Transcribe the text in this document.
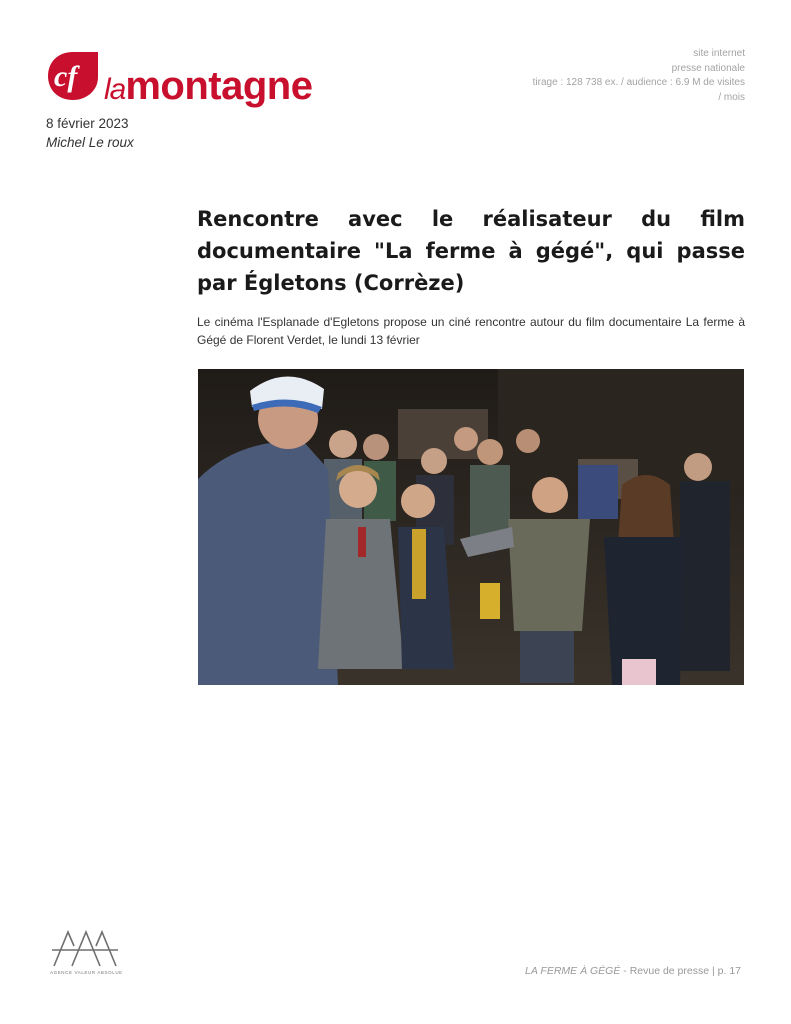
cf lamontagne
site internet
presse nationale
tirage : 128 738 ex. / audience : 6.9 M de visites
/ mois
8 février 2023
Michel Le roux
Rencontre avec le réalisateur du film documentaire "La ferme à gégé", qui passe par Égletons (Corrèze)

Le cinéma l'Esplanade d'Egletons propose un ciné rencontre autour du film documentaire La ferme à Gégé de Florent Verdet, le lundi 13 février

AGENCE VALEUR ABSOLUE	LA FERME À GÉGÉ - Revue de presse | p. 17
